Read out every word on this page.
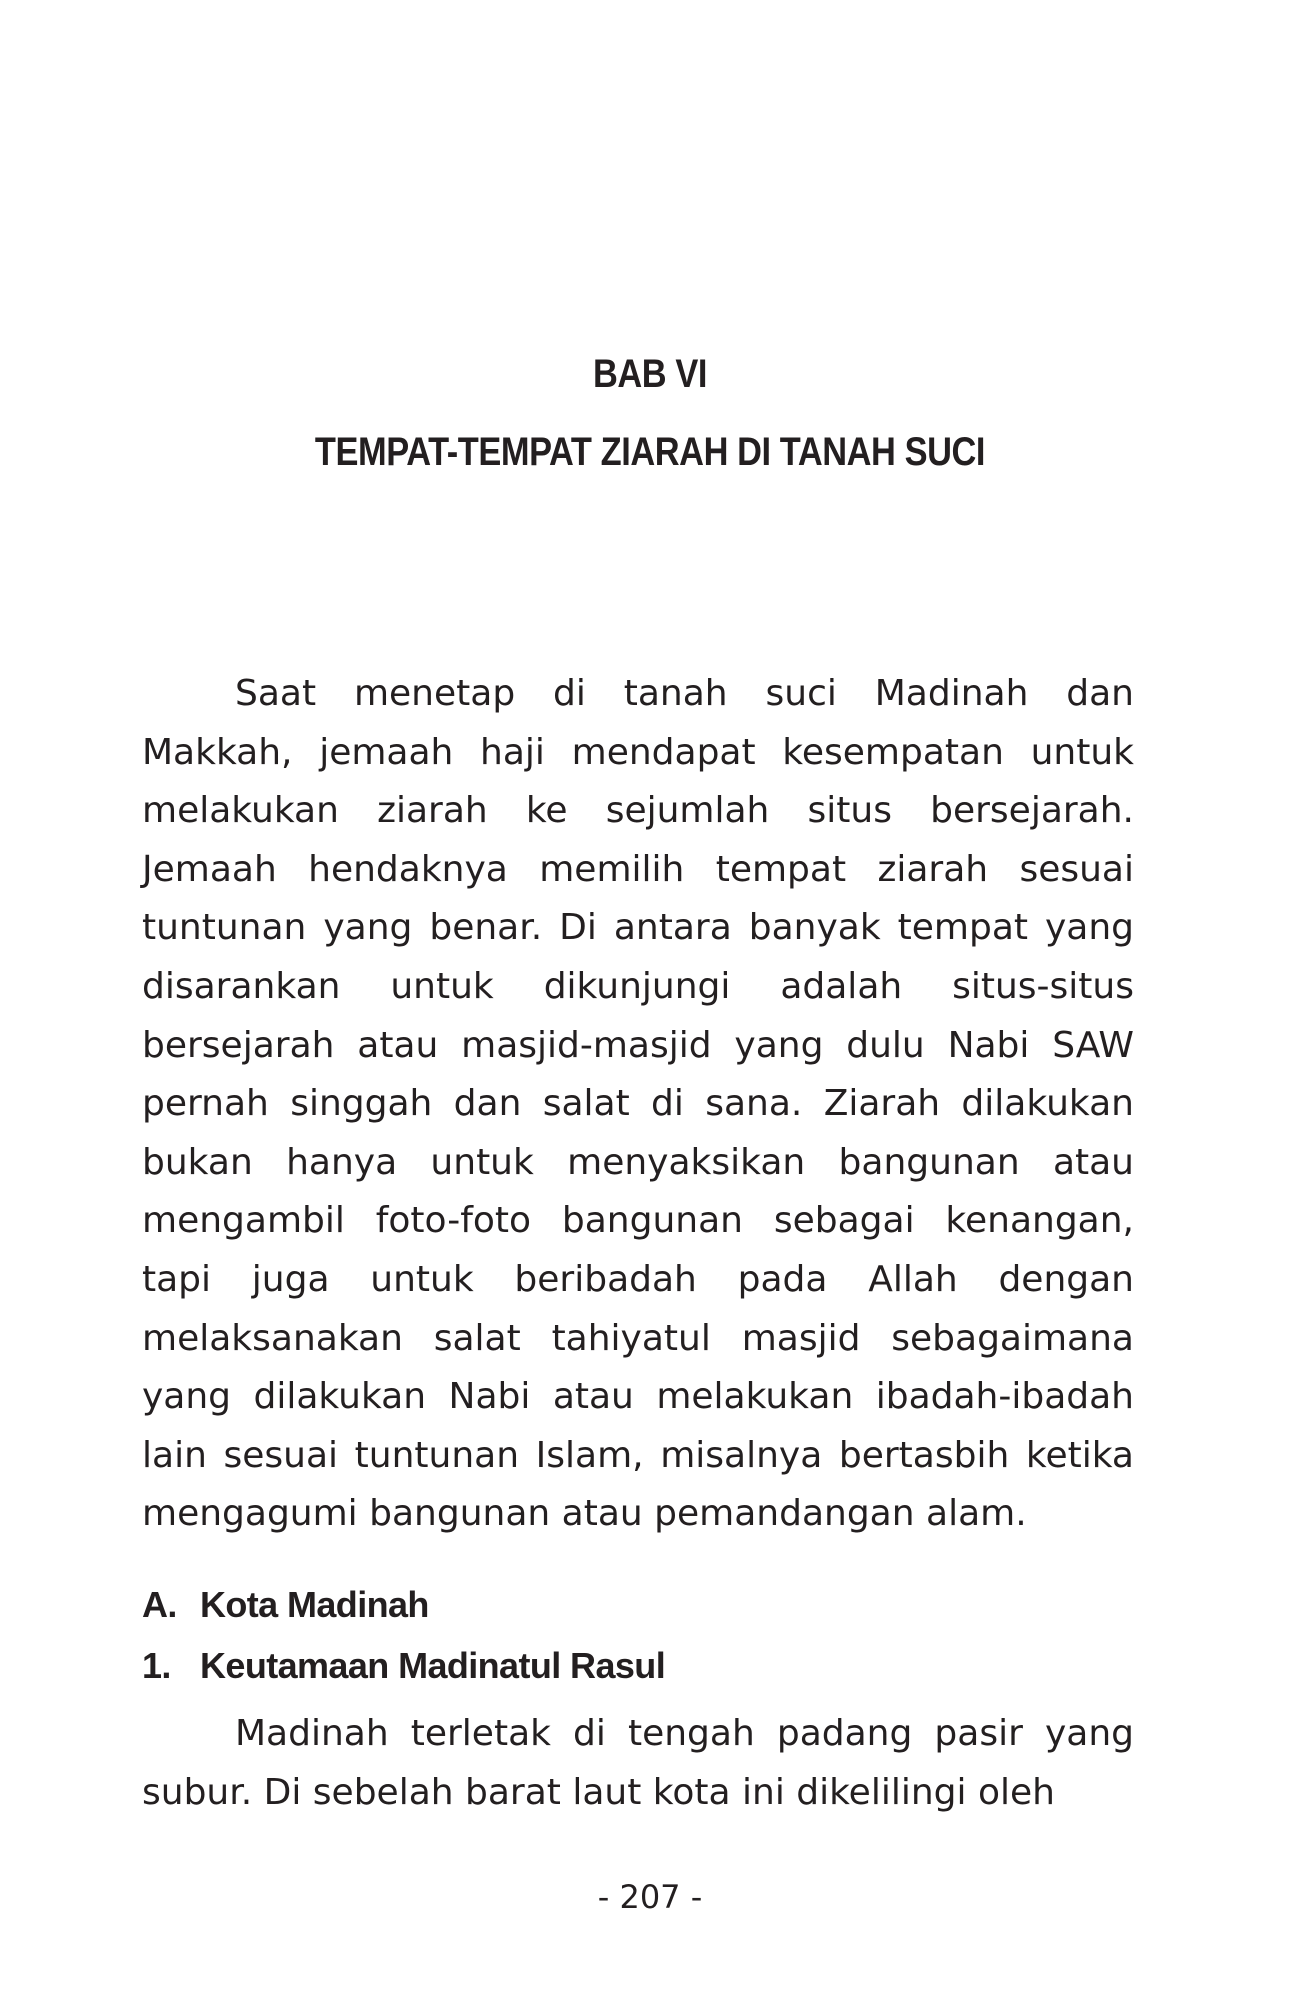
BAB VI
TEMPAT-TEMPAT ZIARAH DI TANAH SUCI

Saat menetap di tanah suci Madinah dan Makkah, jemaah haji mendapat kesempatan untuk melakukan ziarah ke sejumlah situs bersejarah. Jemaah hendaknya memilih tempat ziarah sesuai tuntunan yang benar. Di antara banyak tempat yang disarankan untuk dikunjungi adalah situs-situs bersejarah atau masjid-masjid yang dulu Nabi SAW pernah singgah dan salat di sana. Ziarah dilakukan bukan hanya untuk menyaksikan bangunan atau mengambil foto-foto bangunan sebagai kenangan, tapi juga untuk beribadah pada Allah dengan melaksanakan salat tahiyatul masjid sebagaimana yang dilakukan Nabi atau melakukan ibadah-ibadah lain sesuai tuntunan Islam, misalnya bertasbih ketika mengagumi bangunan atau pemandangan alam.

A. Kota Madinah
1. Keutamaan Madinatul Rasul

Madinah terletak di tengah padang pasir yang subur. Di sebelah barat laut kota ini dikelilingi oleh

- 207 -
